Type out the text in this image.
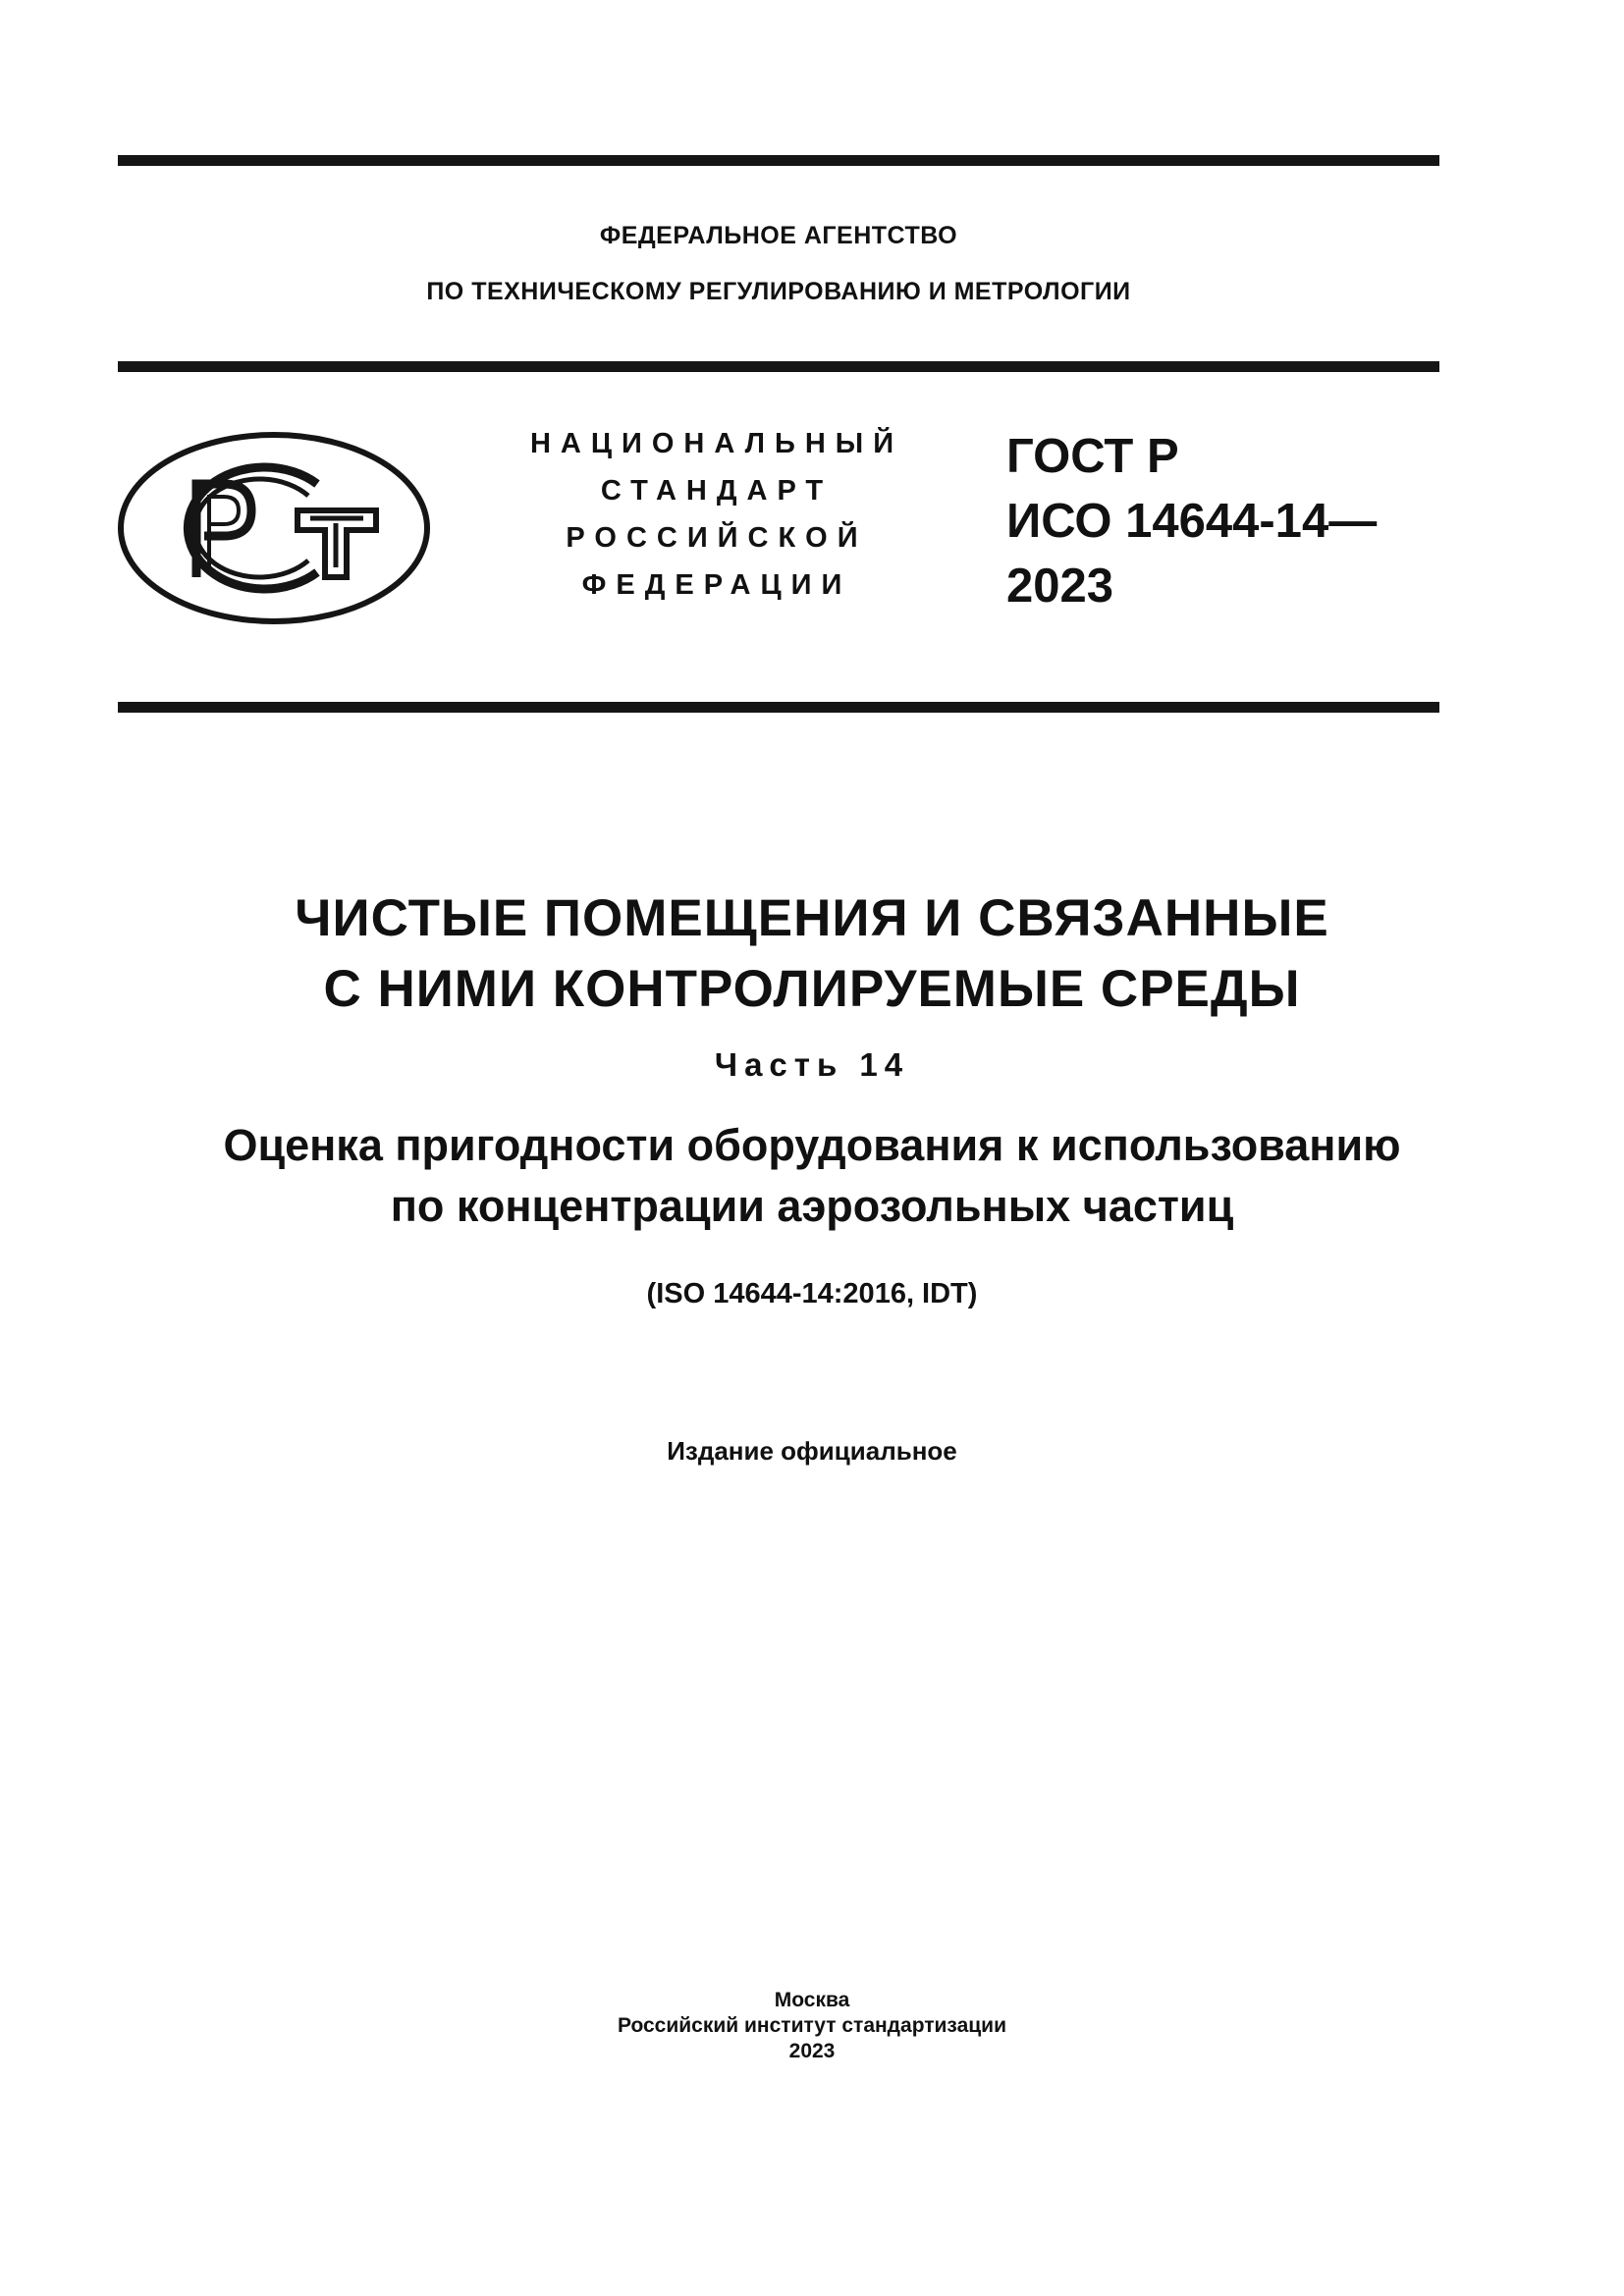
ФЕДЕРАЛЬНОЕ АГЕНТСТВО
ПО ТЕХНИЧЕСКОМУ РЕГУЛИРОВАНИЮ И МЕТРОЛОГИИ
НАЦИОНАЛЬНЫЙ
СТАНДАРТ
РОССИЙСКОЙ
ФЕДЕРАЦИИ
ГОСТ Р
ИСО 14644-14—
2023
ЧИСТЫЕ ПОМЕЩЕНИЯ И СВЯЗАННЫЕ
С НИМИ КОНТРОЛИРУЕМЫЕ СРЕДЫ
Часть 14
Оценка пригодности оборудования к использованию
по концентрации аэрозольных частиц
(ISO 14644-14:2016, IDT)
Издание официальное
Москва
Российский институт стандартизации
2023
